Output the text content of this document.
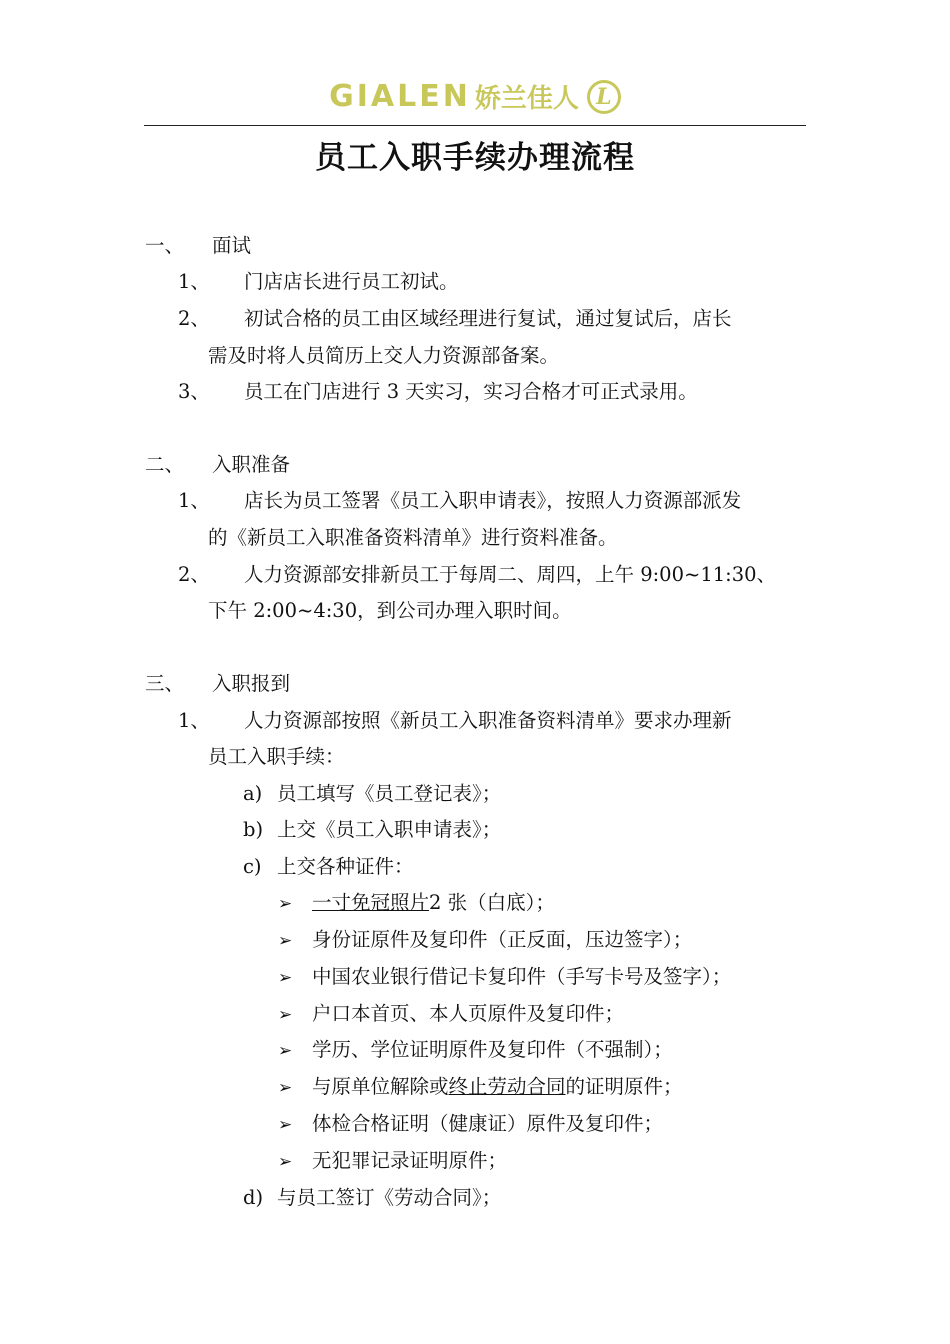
GIALEN 娇兰佳人 L
员工入职手续办理流程
一、 面试
1、 门店店长进行员工初试。
2、 初试合格的员工由区域经理进行复试，通过复试后，店长
需及时将人员简历上交人力资源部备案。
3、 员工在门店进行 3 天实习，实习合格才可正式录用。
二、 入职准备
1、 店长为员工签署《员工入职申请表》，按照人力资源部派发
的《新员工入职准备资料清单》进行资料准备。
2、 人力资源部安排新员工于每周二、周四，上午 9:00~11:30、
下午 2:00~4:30，到公司办理入职时间。
三、 入职报到
1、 人力资源部按照《新员工入职准备资料清单》要求办理新
员工入职手续：
a) 员工填写《员工登记表》；
b) 上交《员工入职申请表》；
c) 上交各种证件：
➢ 一寸免冠照片2 张（白底）；
➢ 身份证原件及复印件（正反面，压边签字）；
➢ 中国农业银行借记卡复印件（手写卡号及签字）；
➢ 户口本首页、本人页原件及复印件；
➢ 学历、学位证明原件及复印件（不强制）；
➢ 与原单位解除或终止劳动合同的证明原件；
➢ 体检合格证明（健康证）原件及复印件；
➢ 无犯罪记录证明原件；
d) 与员工签订《劳动合同》；
